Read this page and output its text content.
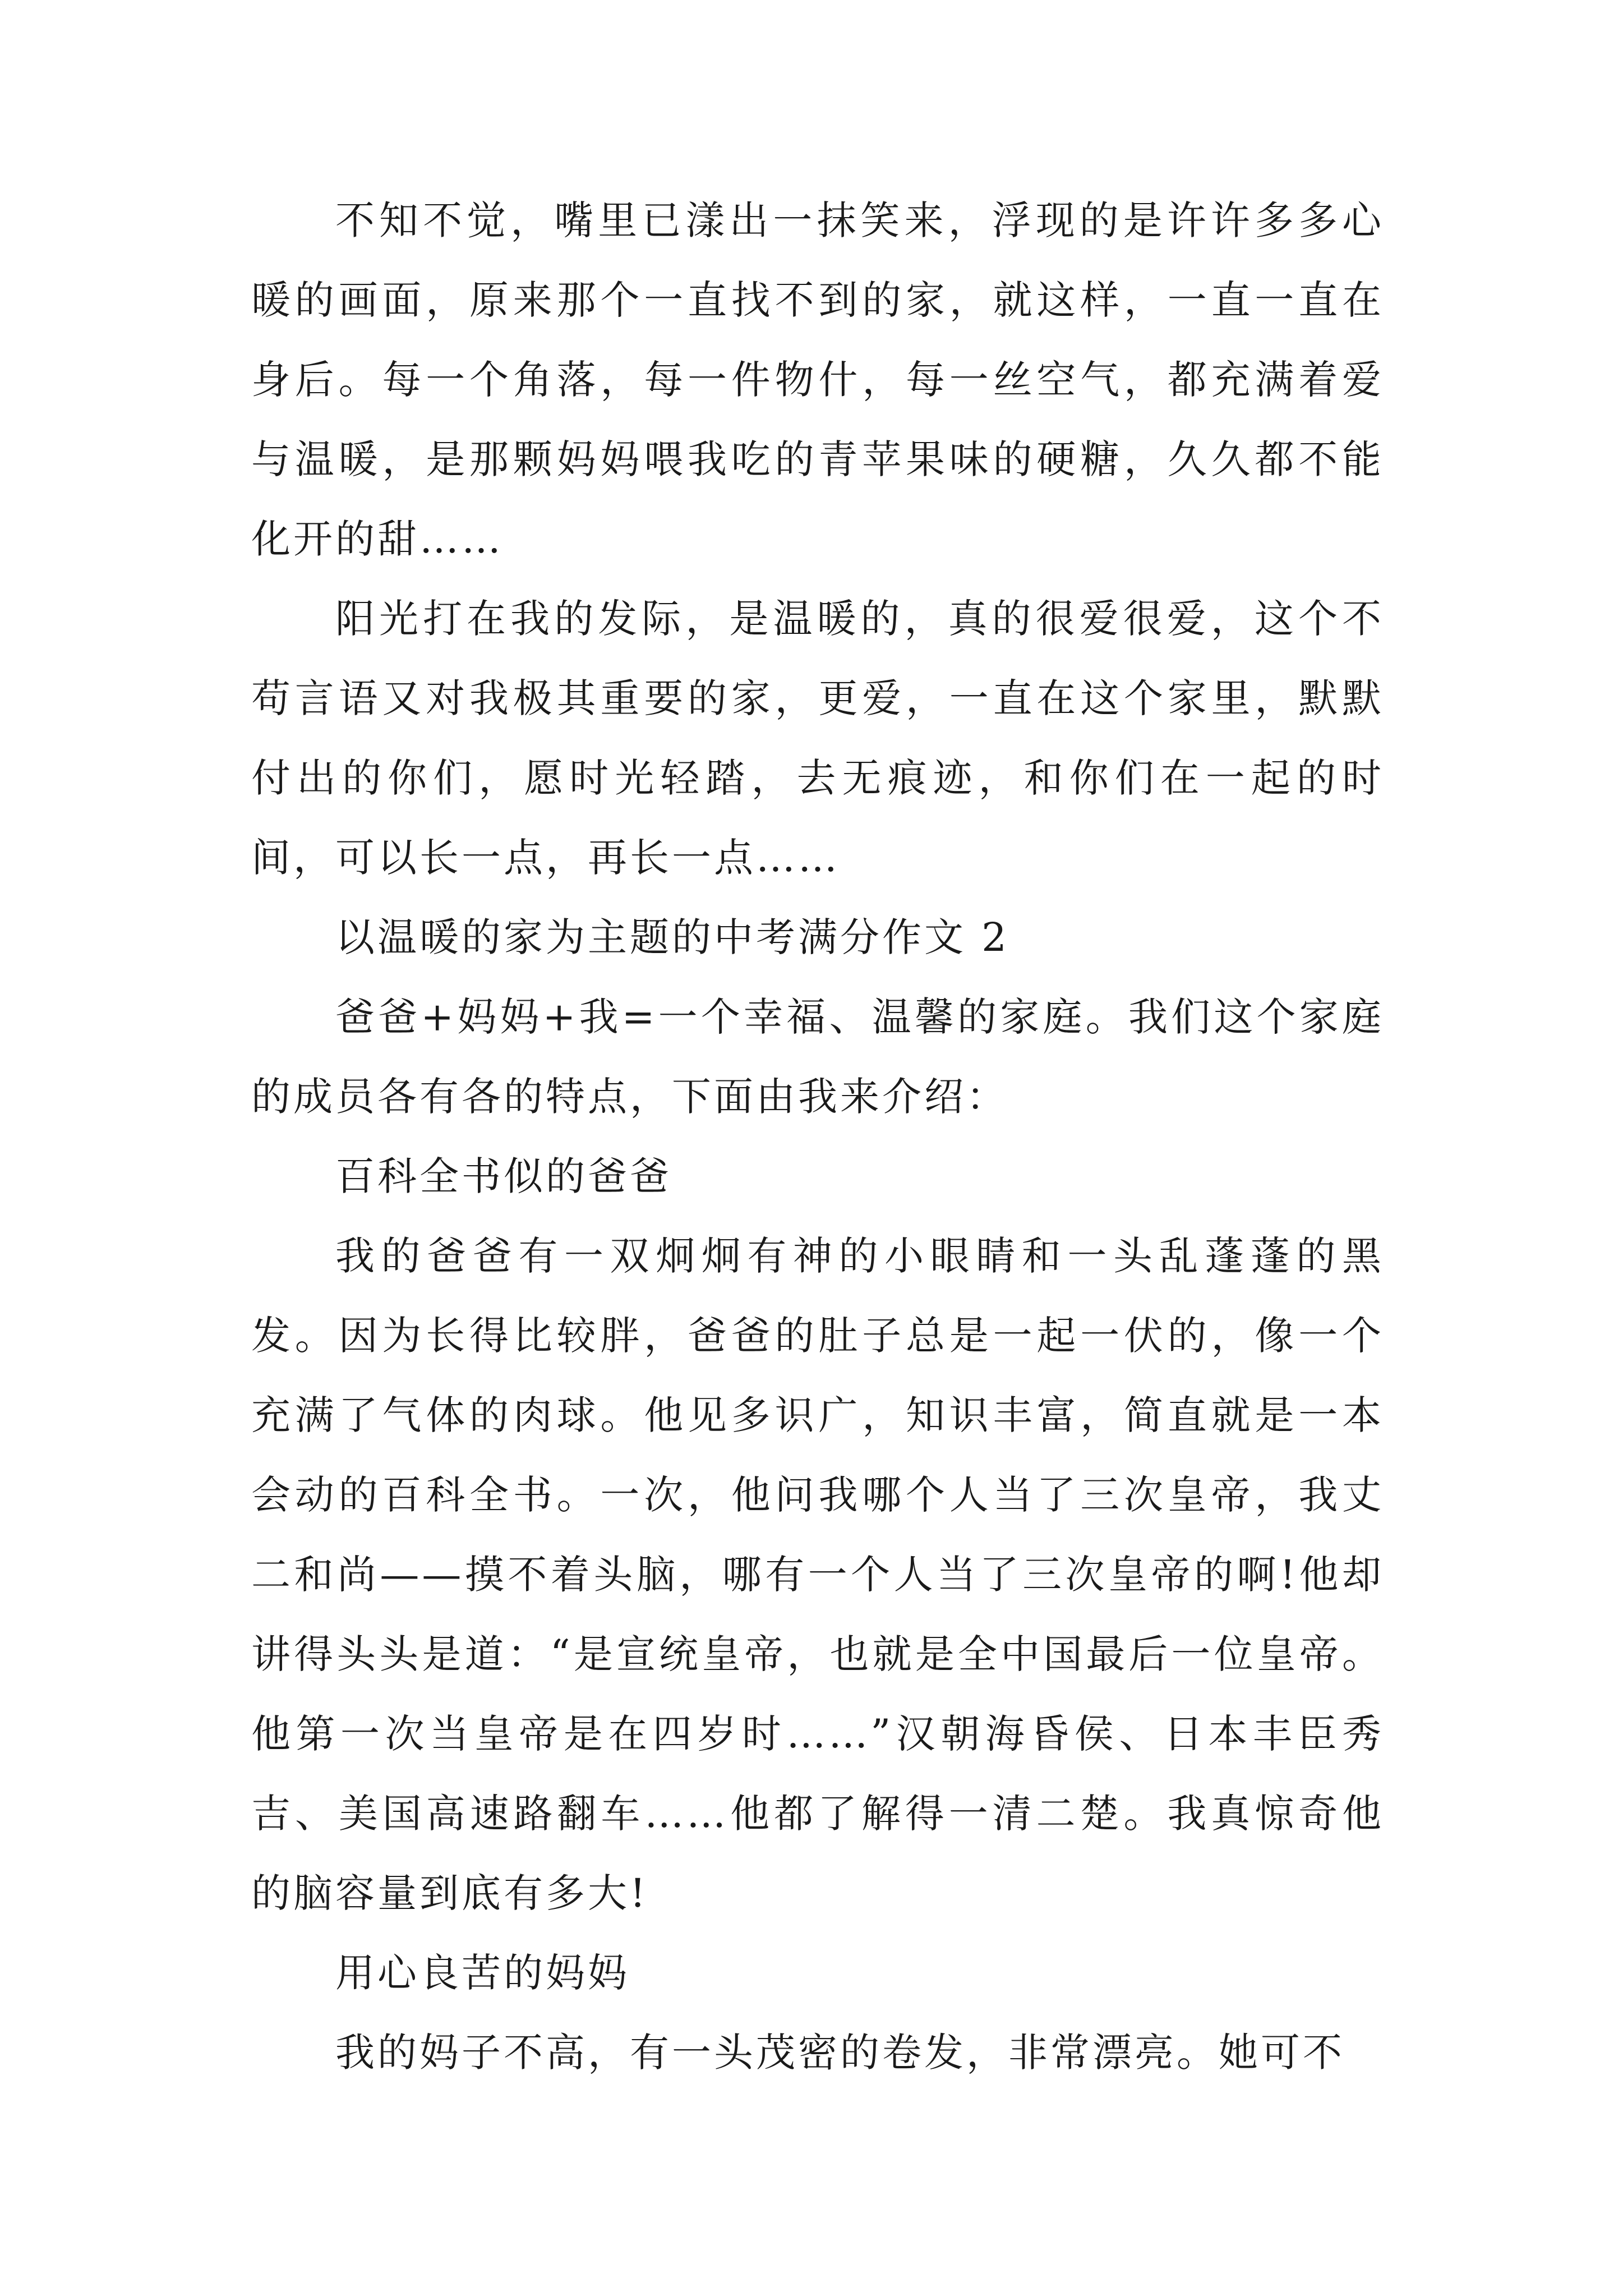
不知不觉，嘴里已漾出一抹笑来，浮现的是许许多多心暖的画面，原来那个一直找不到的家，就这样，一直一直在身后。每一个角落，每一件物什，每一丝空气，都充满着爱与温暖，是那颗妈妈喂我吃的青苹果味的硬糖，久久都不能化开的甜……

阳光打在我的发际，是温暖的，真的很爱很爱，这个不苟言语又对我极其重要的家，更爱，一直在这个家里，默默付出的你们，愿时光轻踏，去无痕迹，和你们在一起的时间，可以长一点，再长一点……

以温暖的家为主题的中考满分作文 2

爸爸+妈妈+我=一个幸福、温馨的家庭。我们这个家庭的成员各有各的特点，下面由我来介绍：

百科全书似的爸爸

我的爸爸有一双炯炯有神的小眼睛和一头乱蓬蓬的黑发。因为长得比较胖，爸爸的肚子总是一起一伏的，像一个充满了气体的肉球。他见多识广，知识丰富，简直就是一本会动的百科全书。一次，他问我哪个人当了三次皇帝，我丈二和尚——摸不着头脑，哪有一个人当了三次皇帝的啊!他却讲得头头是道：“是宣统皇帝，也就是全中国最后一位皇帝。他第一次当皇帝是在四岁时……”汉朝海昏侯、日本丰臣秀吉、美国高速路翻车……他都了解得一清二楚。我真惊奇他的脑容量到底有多大!

用心良苦的妈妈

我的妈子不高，有一头茂密的卷发，非常漂亮。她可不
